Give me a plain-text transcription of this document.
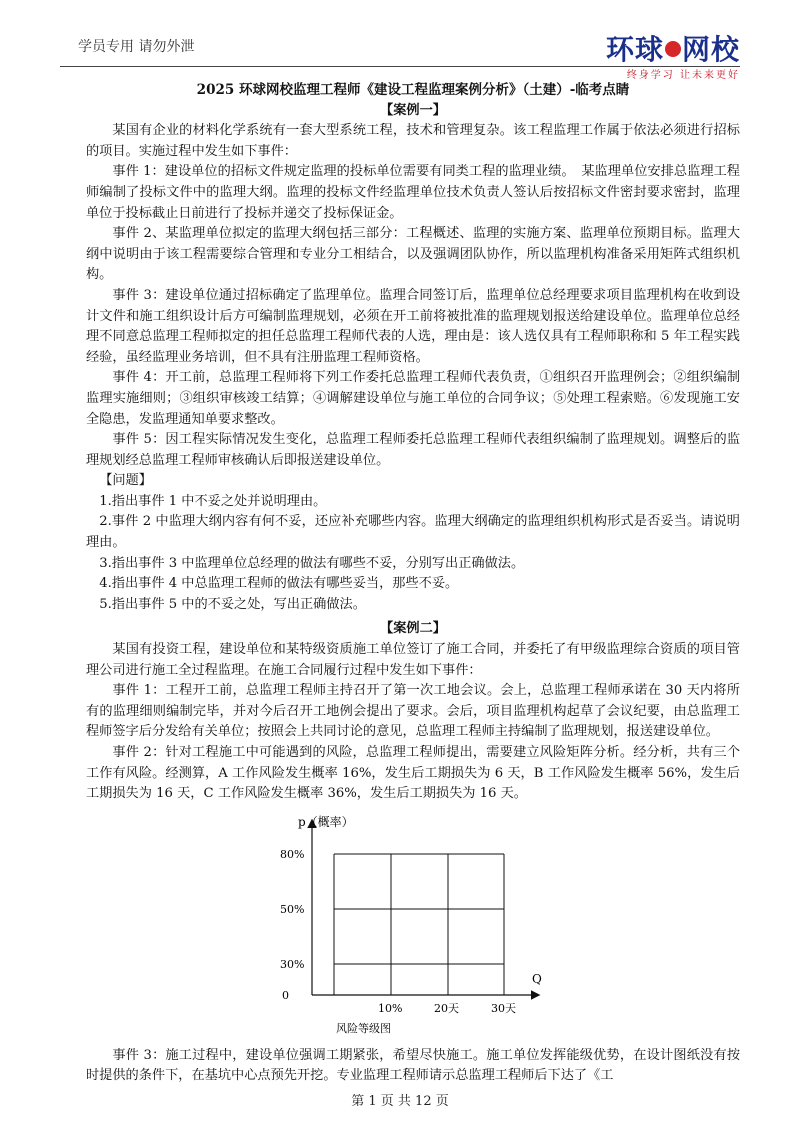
学员专用 请勿外泄	环球 网校
终身学习 让未来更好
2025 环球网校监理工程师《建设工程监理案例分析》（土建）-临考点睛
【案例一】

某国有企业的材料化学系统有一套大型系统工程，技术和管理复杂。该工程监理工作属于依法必须进行招标的项目。实施过程中发生如下事件：

事件 1：建设单位的招标文件规定监理的投标单位需要有同类工程的监理业绩。　某监理单位安排总监理工程师编制了投标文件中的监理大纲。监理的投标文件经监理单位技术负责人签认后按招标文件密封要求密封，监理单位于投标截止日前进行了投标并递交了投标保证金。

事件 2、某监理单位拟定的监理大纲包括三部分：工程概述、监理的实施方案、监理单位预期目标。监理大纲中说明由于该工程需要综合管理和专业分工相结合，以及强调团队协作，所以监理机构准备采用矩阵式组织机构。

事件 3：建设单位通过招标确定了监理单位。监理合同签订后，监理单位总经理要求项目监理机构在收到设计文件和施工组织设计后方可编制监理规划，必须在开工前将被批准的监理规划报送给建设单位。监理单位总经理不同意总监理工程师拟定的担任总监理工程师代表的人选，理由是：该人选仅具有工程师职称和 5 年工程实践经验，虽经监理业务培训，但不具有注册监理工程师资格。

事件 4：开工前，总监理工程师将下列工作委托总监理工程师代表负责，①组织召开监理例会；②组织编制监理实施细则；③组织审核竣工结算；④调解建设单位与施工单位的合同争议；⑤处理工程索赔。⑥发现施工安全隐患，发监理通知单要求整改。

事件 5：因工程实际情况发生变化，总监理工程师委托总监理工程师代表组织编制了监理规划。调整后的监理规划经总监理工程师审核确认后即报送建设单位。

【问题】

1.指出事件 1 中不妥之处并说明理由。

2.事件 2 中监理大纲内容有何不妥，还应补充哪些内容。监理大纲确定的监理组织机构形式是否妥当。请说明理由。

3.指出事件 3 中监理单位总经理的做法有哪些不妥，分别写出正确做法。

4.指出事件 4 中总监理工程师的做法有哪些妥当，那些不妥。

5.指出事件 5 中的不妥之处，写出正确做法。

【案例二】

某国有投资工程，建设单位和某特级资质施工单位签订了施工合同，并委托了有甲级监理综合资质的项目管理公司进行施工全过程监理。在施工合同履行过程中发生如下事件：

事件 1：工程开工前，总监理工程师主持召开了第一次工地会议。会上，总监理工程师承诺在 30 天内将所有的监理细则编制完毕，并对今后召开工地例会提出了要求。会后，项目监理机构起草了会议纪要，由总监理工程师签字后分发给有关单位；按照会上共同讨论的意见，总监理工程师主持编制了监理规划，报送建设单位。

事件 2：针对工程施工中可能遇到的风险，总监理工程师提出，需要建立风险矩阵分析。经分析，共有三个工作有风险。经测算，A 工作风险发生概率 16%，发生后工期损失为 6 天，B 工作风险发生概率 56%，发生后工期损失为 16 天，C 工作风险发生概率 36%，发生后工期损失为 16 天。

p（概率）
Q
0
30%
50%
80%
10%	20天	30天
风险等级图

事件 3：施工过程中，建设单位强调工期紧张，希望尽快施工。施工单位发挥能级优势，在设计图纸没有按时提供的条件下，在基坑中心点预先开挖。专业监理工程师请示总监理工程师后下达了《工

第 1 页 共 12 页
